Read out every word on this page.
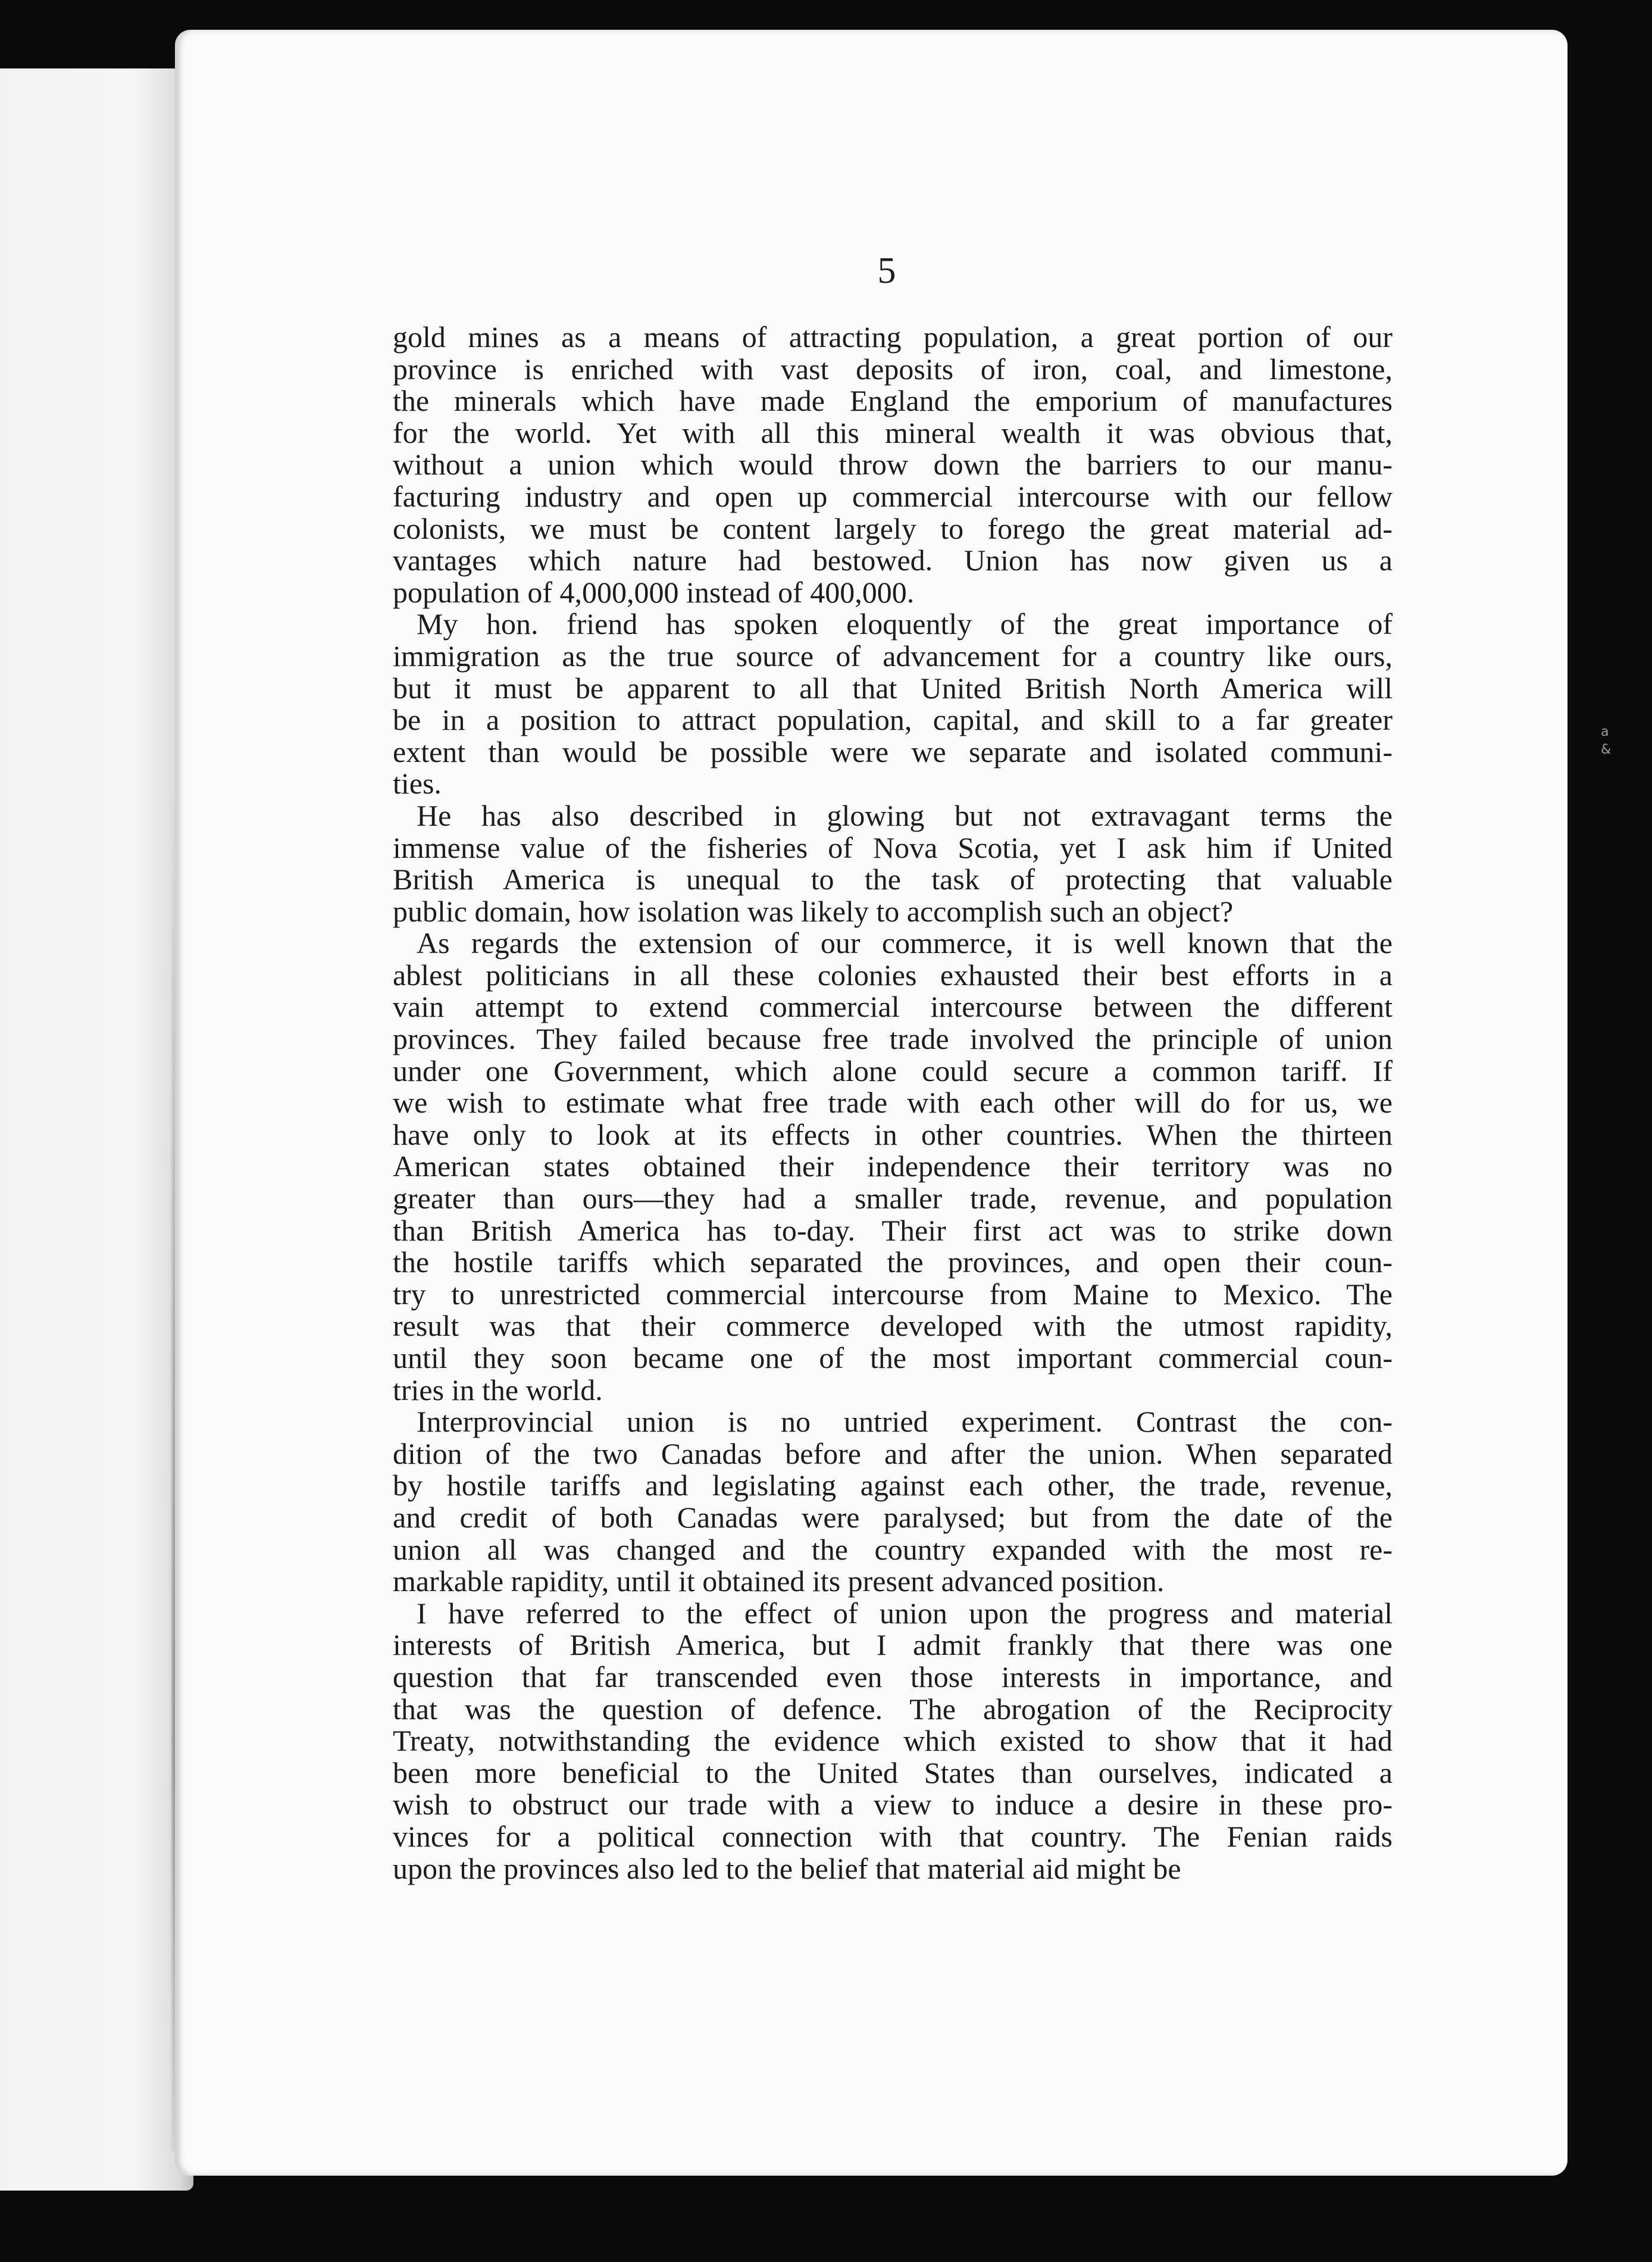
5
gold mines as a means of attracting population, a great portion of our
province is enriched with vast deposits of iron, coal, and limestone,
the minerals which have made England the emporium of manufactures
for the world. Yet with all this mineral wealth it was obvious that,
without a union which would throw down the barriers to our manu-
facturing industry and open up commercial intercourse with our fellow
colonists, we must be content largely to forego the great material ad-
vantages which nature had bestowed. Union has now given us a
population of 4,000,000 instead of 400,000.
My hon. friend has spoken eloquently of the great importance of
immigration as the true source of advancement for a country like ours,
but it must be apparent to all that United British North America will
be in a position to attract population, capital, and skill to a far greater
extent than would be possible were we separate and isolated communi-
ties.
He has also described in glowing but not extravagant terms the
immense value of the fisheries of Nova Scotia, yet I ask him if United
British America is unequal to the task of protecting that valuable
public domain, how isolation was likely to accomplish such an object?
As regards the extension of our commerce, it is well known that the
ablest politicians in all these colonies exhausted their best efforts in a
vain attempt to extend commercial intercourse between the different
provinces. They failed because free trade involved the principle of union
under one Government, which alone could secure a common tariff. If
we wish to estimate what free trade with each other will do for us, we
have only to look at its effects in other countries. When the thirteen
American states obtained their independence their territory was no
greater than ours—they had a smaller trade, revenue, and population
than British America has to-day. Their first act was to strike down
the hostile tariffs which separated the provinces, and open their coun-
try to unrestricted commercial intercourse from Maine to Mexico. The
result was that their commerce developed with the utmost rapidity,
until they soon became one of the most important commercial coun-
tries in the world.
Interprovincial union is no untried experiment. Contrast the con-
dition of the two Canadas before and after the union. When separated
by hostile tariffs and legislating against each other, the trade, revenue,
and credit of both Canadas were paralysed; but from the date of the
union all was changed and the country expanded with the most re-
markable rapidity, until it obtained its present advanced position.
I have referred to the effect of union upon the progress and material
interests of British America, but I admit frankly that there was one
question that far transcended even those interests in importance, and
that was the question of defence. The abrogation of the Reciprocity
Treaty, notwithstanding the evidence which existed to show that it had
been more beneficial to the United States than ourselves, indicated a
wish to obstruct our trade with a view to induce a desire in these pro-
vinces for a political connection with that country. The Fenian raids
upon the provinces also led to the belief that material aid might be
a
&
